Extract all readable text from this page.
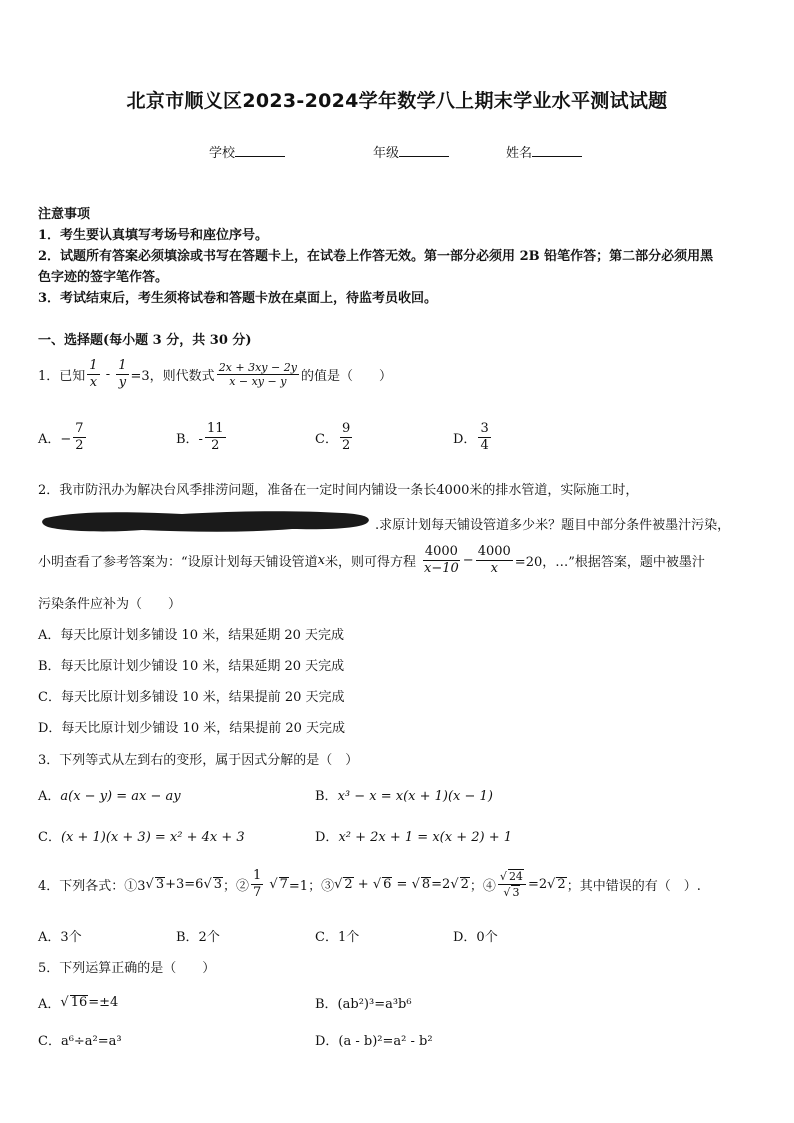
北京市顺义区2023-2024学年数学八上期末学业水平测试试题
学校	年级	姓名
注意事项
1．考生要认真填写考场号和座位序号。
2．试题所有答案必须填涂或书写在答题卡上，在试卷上作答无效。第一部分必须用 2B 铅笔作答；第二部分必须用黑
色字迹的签字笔作答。
3．考试结束后，考生须将试卷和答题卡放在桌面上，待监考员收回。
一、选择题(每小题 3 分，共 30 分)
1．已知 $\frac{1}{x} - \frac{1}{y} =3$，则代数式 $\frac{2x + 3xy - 2y}{x - xy - y}$ 的值是（　　）
A．− $\frac{7}{2}$	B．- $\frac{11}{2}$	C． $\frac{9}{2}$	D． $\frac{3}{4}$
2．我市防汛办为解决台风季排涝问题，准备在一定时间内铺设一条长4000米的排水管道，实际施工时，
.求原计划每天铺设管道多少米？题目中部分条件被墨汁污染，
小明查看了参考答案为：“设原计划每天铺设管道 x 米，则可得方程 $\frac{4000}{x-10} - \frac{4000}{x} =20$，…”根据答案，题中被墨汁
污染条件应补为（　　）
A．每天比原计划多铺设 10 米，结果延期 20 天完成
B．每天比原计划少铺设 10 米，结果延期 20 天完成
C．每天比原计划多铺设 10 米，结果提前 20 天完成
D．每天比原计划少铺设 10 米，结果提前 20 天完成
3．下列等式从左到右的变形，属于因式分解的是（　）
A．a(x − y) = ax − ay	B．x³ − x = x(x + 1)(x − 1)
C．(x + 1)(x + 3) = x² + 4x + 3	D．x² + 2x + 1 = x(x + 2) + 1
4．下列各式：①3 √ 3 +3=6 √ 3 ；② $\frac{1}{7}$ √ 7 =1；③ √ 2 + √ 6 = √ 8 =2 √ 2 ；④ $\frac{√ 24}{√ 3} =2$ √ 2 ；其中错误的有（　）.
A．3个	B．2个	C．1个	D．0个
5．下列运算正确的是（　　）
A． √ 16 =±4	B．(ab²)³=a³b⁶
C．a⁶÷a²=a³	D．(a - b)²=a² - b²
